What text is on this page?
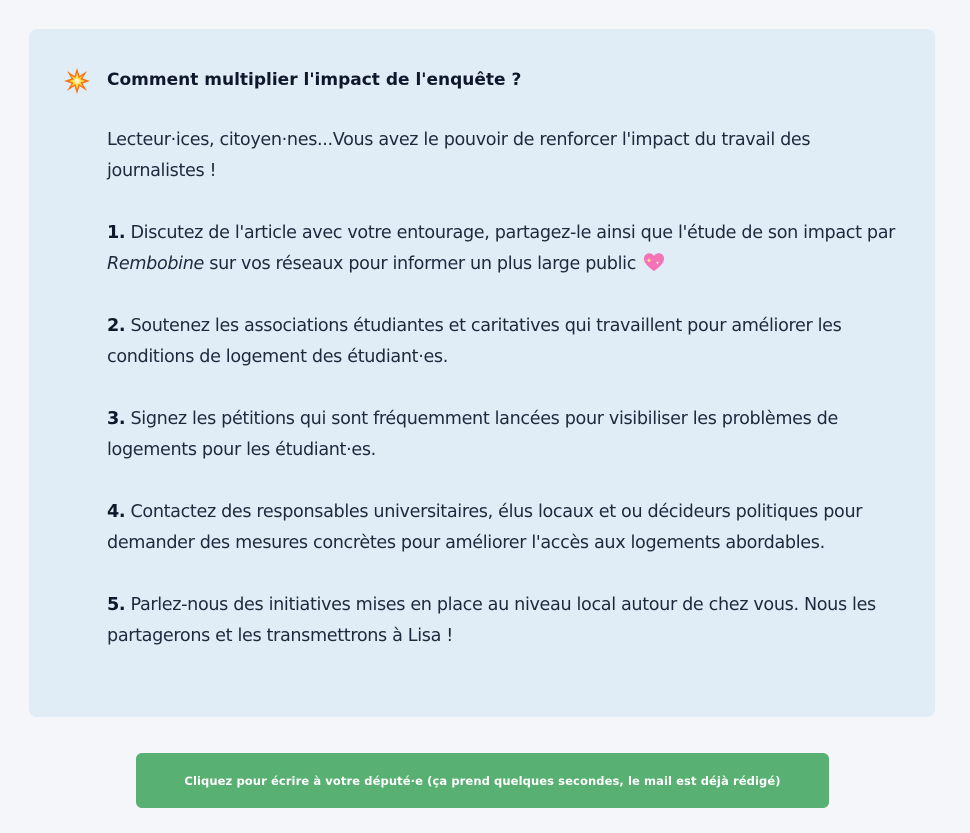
Comment multiplier l'impact de l'enquête ?

Lecteur·ices, citoyen·nes...Vous avez le pouvoir de renforcer l'impact du travail des journalistes !

1. Discutez de l'article avec votre entourage, partagez-le ainsi que l'étude de son impact par Rembobine sur vos réseaux pour informer un plus large public

2. Soutenez les associations étudiantes et caritatives qui travaillent pour améliorer les conditions de logement des étudiant·es.

3. Signez les pétitions qui sont fréquemment lancées pour visibiliser les problèmes de logements pour les étudiant·es.

4. Contactez des responsables universitaires, élus locaux et ou décideurs politiques pour demander des mesures concrètes pour améliorer l'accès aux logements abordables.

5. Parlez-nous des initiatives mises en place au niveau local autour de chez vous. Nous les partagerons et les transmettrons à Lisa !

Cliquez pour écrire à votre député·e (ça prend quelques secondes, le mail est déjà rédigé)
